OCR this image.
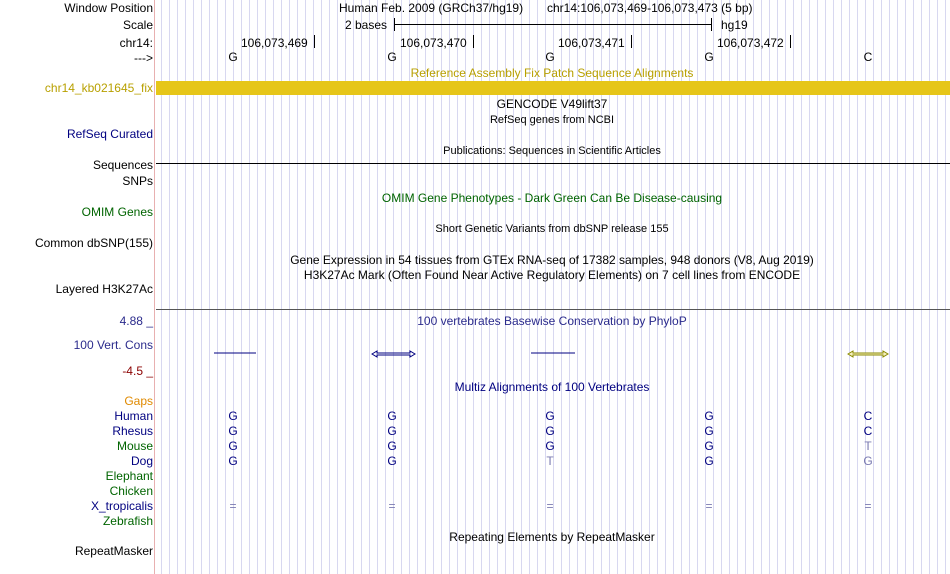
Window Position	Human Feb. 2009 (GRCh37/hg19) chr14:106,073,469-106,073,473 (5 bp)
Scale	2 bases	hg19
chr14:	106,073,469	106,073,470	106,073,471	106,073,472
--->	G	G	G	G	C
Reference Assembly Fix Patch Sequence Alignments
chr14_kb021645_fix
GENCODE V49lift37
RefSeq genes from NCBI
RefSeq Curated
Publications: Sequences in Scientific Articles
Sequences
SNPs
OMIM Gene Phenotypes - Dark Green Can Be Disease-causing
OMIM Genes
Short Genetic Variants from dbSNP release 155
Common dbSNP(155)
Gene Expression in 54 tissues from GTEx RNA-seq of 17382 samples, 948 donors (V8, Aug 2019)
H3K27Ac Mark (Often Found Near Active Regulatory Elements) on 7 cell lines from ENCODE
Layered H3K27Ac
4.88 _	100 vertebrates Basewise Conservation by PhyloP
100 Vert. Cons
-4.5 _
Multiz Alignments of 100 Vertebrates
Gaps
Human	G	G	G	G	C
Rhesus	G	G	G	G	C
Mouse	G	G	G	G	T
Dog	G	G	T	G	G
Elephant
Chicken
X_tropicalis	=	=	=	=	=
Zebrafish
Repeating Elements by RepeatMasker
RepeatMasker
